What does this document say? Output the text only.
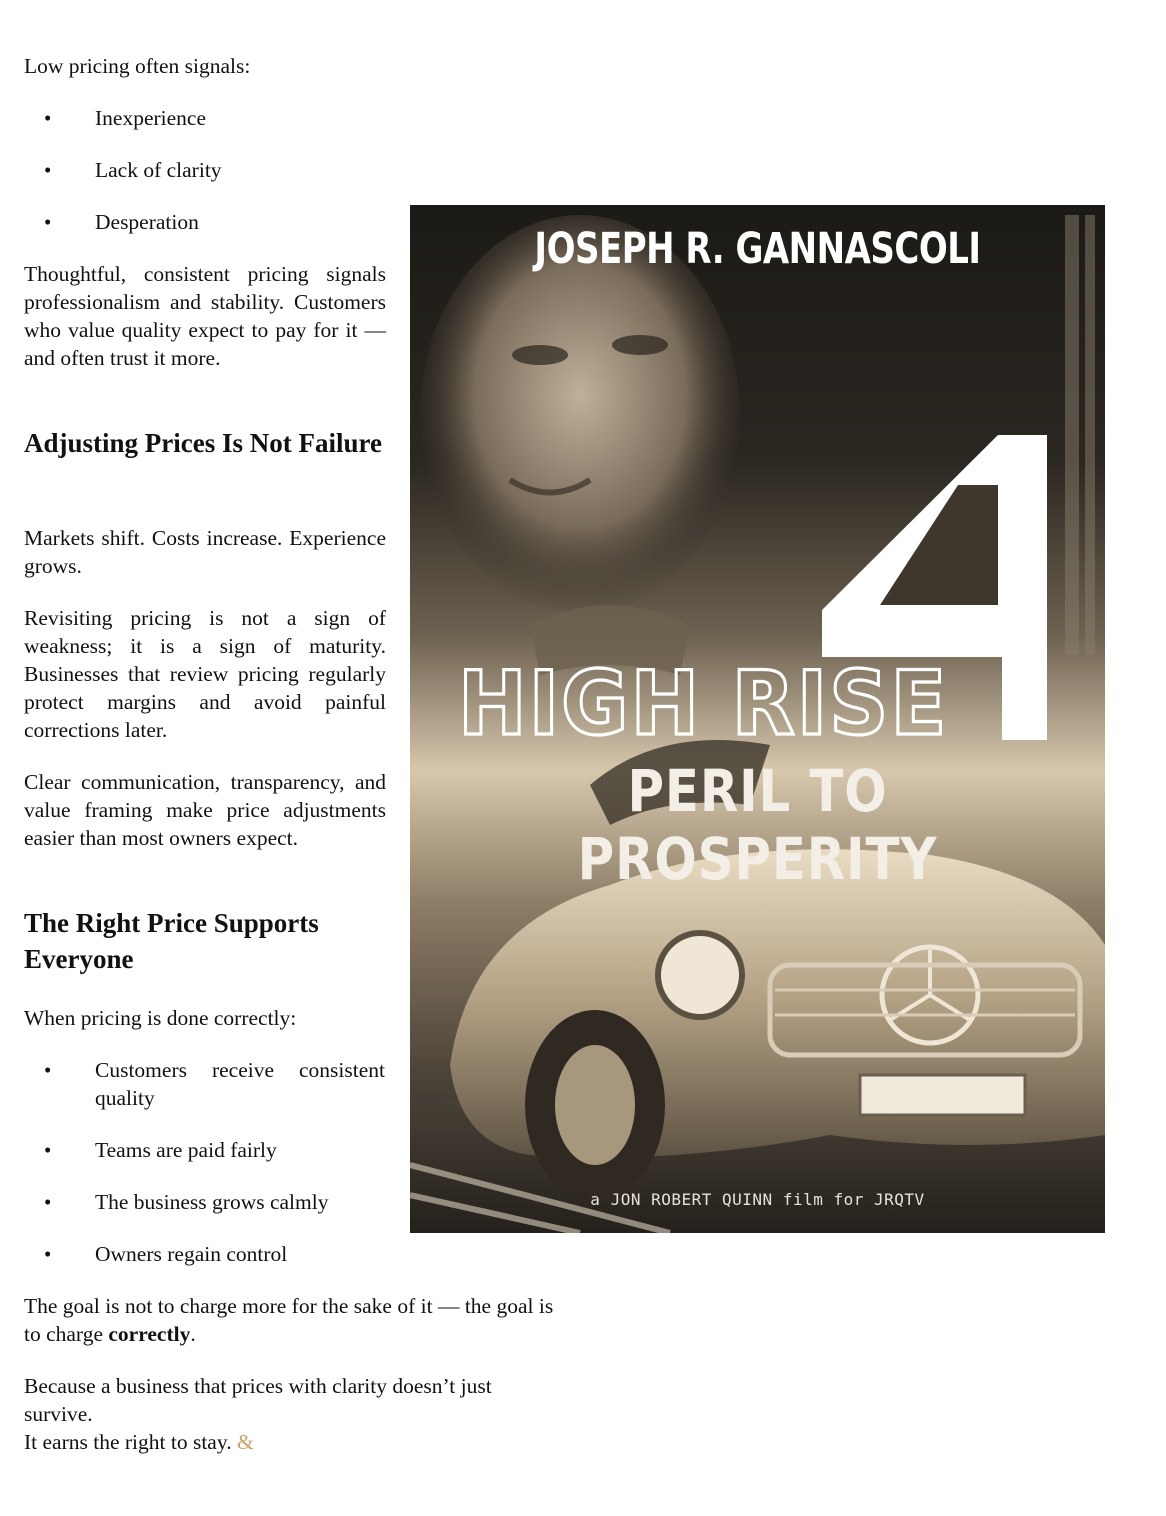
Low pricing often signals:

• Inexperience
• Lack of clarity
• Desperation

Thoughtful, consistent pricing signals professionalism and stability. Customers who value quality expect to pay for it — and often trust it more.

Adjusting Prices Is Not Failure

Markets shift. Costs increase. Experience grows.

Revisiting pricing is not a sign of weakness; it is a sign of maturity. Businesses that review pricing regularly protect margins and avoid painful corrections later.

Clear communication, transparency, and value framing make price adjustments easier than most owners expect.

The Right Price Supports Everyone

When pricing is done correctly:

• Customers receive consistent quality
• Teams are paid fairly
• The business grows calmly
• Owners regain control

The goal is not to charge more for the sake of it — the goal is to charge correctly.

Because a business that prices with clarity doesn’t just survive.

It earns the right to stay. &

JOSEPH R. GANNASCOLI

HIGH RISE

PERIL TO PROSPERITY

a JON ROBERT QUINN film for JRQTV
